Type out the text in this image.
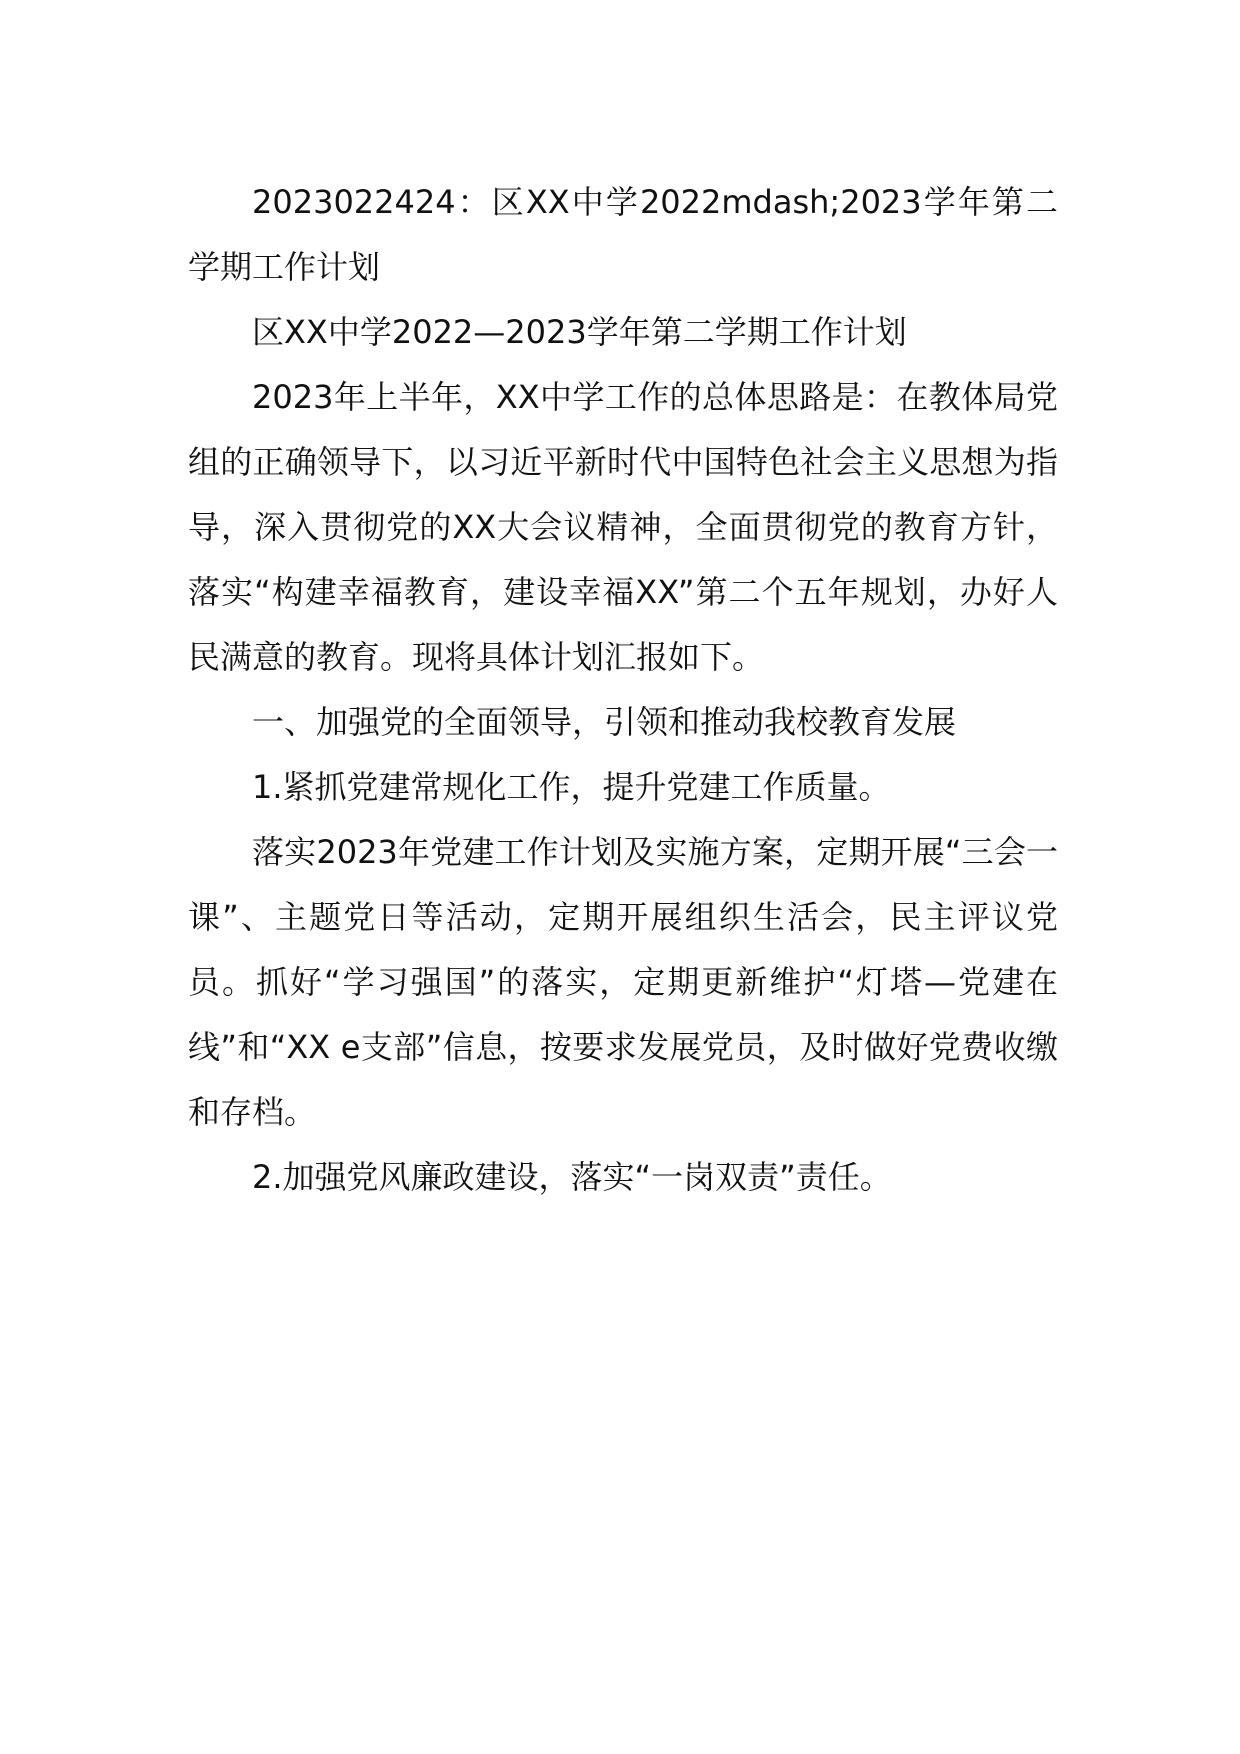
2023022424：区XX中学2022mdash;2023学年第二学期工作计划

区XX中学2022—2023学年第二学期工作计划

2023年上半年，XX中学工作的总体思路是：在教体局党组的正确领导下，以习近平新时代中国特色社会主义思想为指导，深入贯彻党的XX大会议精神，全面贯彻党的教育方针，落实“构建幸福教育，建设幸福XX”第二个五年规划，办好人民满意的教育。现将具体计划汇报如下。

一、加强党的全面领导，引领和推动我校教育发展

1.紧抓党建常规化工作，提升党建工作质量。

落实2023年党建工作计划及实施方案，定期开展“三会一课”、主题党日等活动，定期开展组织生活会，民主评议党员。抓好“学习强国”的落实，定期更新维护“灯塔—党建在线”和“XX e支部”信息，按要求发展党员，及时做好党费收缴和存档。

2.加强党风廉政建设，落实“一岗双责”责任。
